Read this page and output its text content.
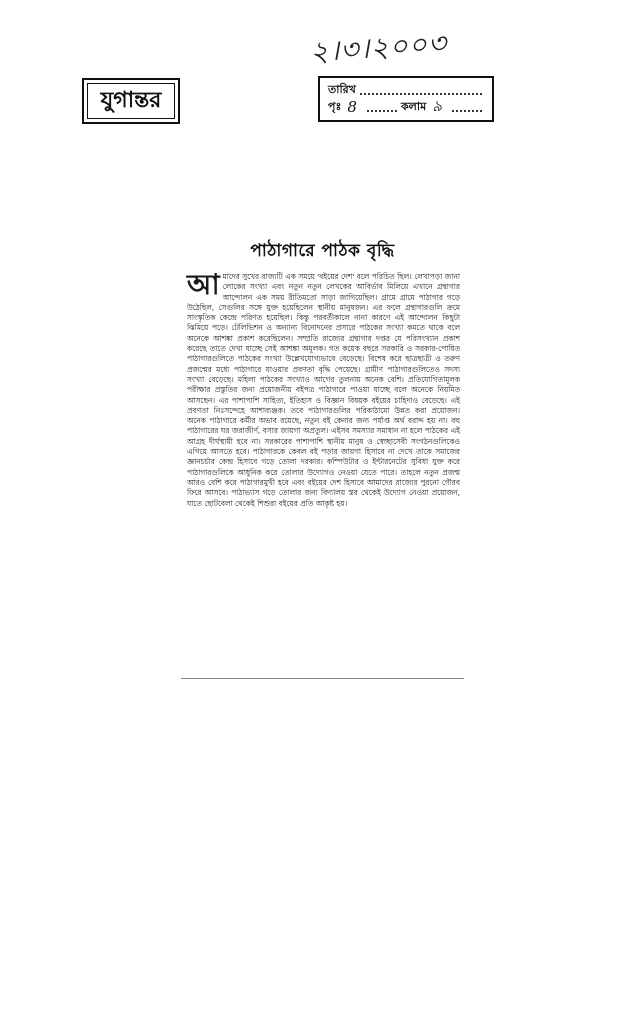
২।৩।২০০৩
যুগান্তর	তারিখ
পৃঃ 8	কলাম ৯
পাঠাগারে পাঠক বৃদ্ধি
আ মাদের সুখের রাজ্যটি এক সময়ে 'বইয়ের দেশ' বলে পরিচিত ছিল। লেখাপড়া জানা লোকের সংখ্যা এবং নতুন নতুন লেখকের আবির্ভাব মিলিয়ে এখানে গ্রন্থাগার আন্দোলন এক সময় রীতিমতো সাড়া জাগিয়েছিল। গ্রামে গ্রামে পাঠাগার গড়ে উঠেছিল, সেগুলির সঙ্গে যুক্ত হয়েছিলেন স্থানীয় মানুষজন। এর ফলে গ্রন্থাগারগুলি ক্রমে সাংস্কৃতিক কেন্দ্রে পরিণত হয়েছিল। কিন্তু পরবর্তীকালে নানা কারণে এই আন্দোলন কিছুটা ঝিমিয়ে পড়ে। টেলিভিশন ও অন্যান্য বিনোদনের প্রসারে পাঠকের সংখ্যা কমতে থাকে বলে অনেকে আশঙ্কা প্রকাশ করেছিলেন। সম্প্রতি রাজ্যের গ্রন্থাগার দপ্তর যে পরিসংখ্যান প্রকাশ করেছে তাতে দেখা যাচ্ছে সেই আশঙ্কা অমূলক। গত কয়েক বছরে সরকারি ও সরকার-পোষিত পাঠাগারগুলিতে পাঠকের সংখ্যা উল্লেখযোগ্যভাবে বেড়েছে। বিশেষ করে ছাত্রছাত্রী ও তরুণ প্রজন্মের মধ্যে পাঠাগারে যাওয়ার প্রবণতা বৃদ্ধি পেয়েছে। গ্রামীণ পাঠাগারগুলিতেও সদস্য সংখ্যা বেড়েছে। মহিলা পাঠকের সংখ্যাও আগের তুলনায় অনেক বেশি। প্রতিযোগিতামূলক পরীক্ষার প্রস্তুতির জন্য প্রয়োজনীয় বইপত্র পাঠাগারে পাওয়া যাচ্ছে বলে অনেকে নিয়মিত আসছেন। এর পাশাপাশি সাহিত্য, ইতিহাস ও বিজ্ঞান বিষয়ক বইয়ের চাহিদাও বেড়েছে। এই প্রবণতা নিঃসন্দেহে আশাব্যঞ্জক। তবে পাঠাগারগুলির পরিকাঠামো উন্নত করা প্রয়োজন। অনেক পাঠাগারে কর্মীর অভাব রয়েছে, নতুন বই কেনার জন্য পর্যাপ্ত অর্থ বরাদ্দ হয় না। বহু পাঠাগারের ঘর জরাজীর্ণ, বসার জায়গা অপ্রতুল। এইসব সমস্যার সমাধান না হলে পাঠকের এই আগ্রহ দীর্ঘস্থায়ী হবে না। সরকারের পাশাপাশি স্থানীয় মানুষ ও স্বেচ্ছাসেবী সংগঠনগুলিকেও এগিয়ে আসতে হবে। পাঠাগারকে কেবল বই পড়ার জায়গা হিসাবে না দেখে তাকে সমাজের জ্ঞানচর্চার কেন্দ্র হিসাবে গড়ে তোলা দরকার। কম্পিউটার ও ইন্টারনেটের সুবিধা যুক্ত করে পাঠাগারগুলিকে আধুনিক করে তোলার উদ্যোগও নেওয়া যেতে পারে। তাহলে নতুন প্রজন্ম আরও বেশি করে পাঠাগারমুখী হবে এবং বইয়ের দেশ হিসাবে আমাদের রাজ্যের পুরনো গৌরব ফিরে আসবে। পাঠাভ্যাস গড়ে তোলার জন্য বিদ্যালয় স্তর থেকেই উদ্যোগ নেওয়া প্রয়োজন, যাতে ছোটবেলা থেকেই শিশুরা বইয়ের প্রতি আকৃষ্ট হয়।
